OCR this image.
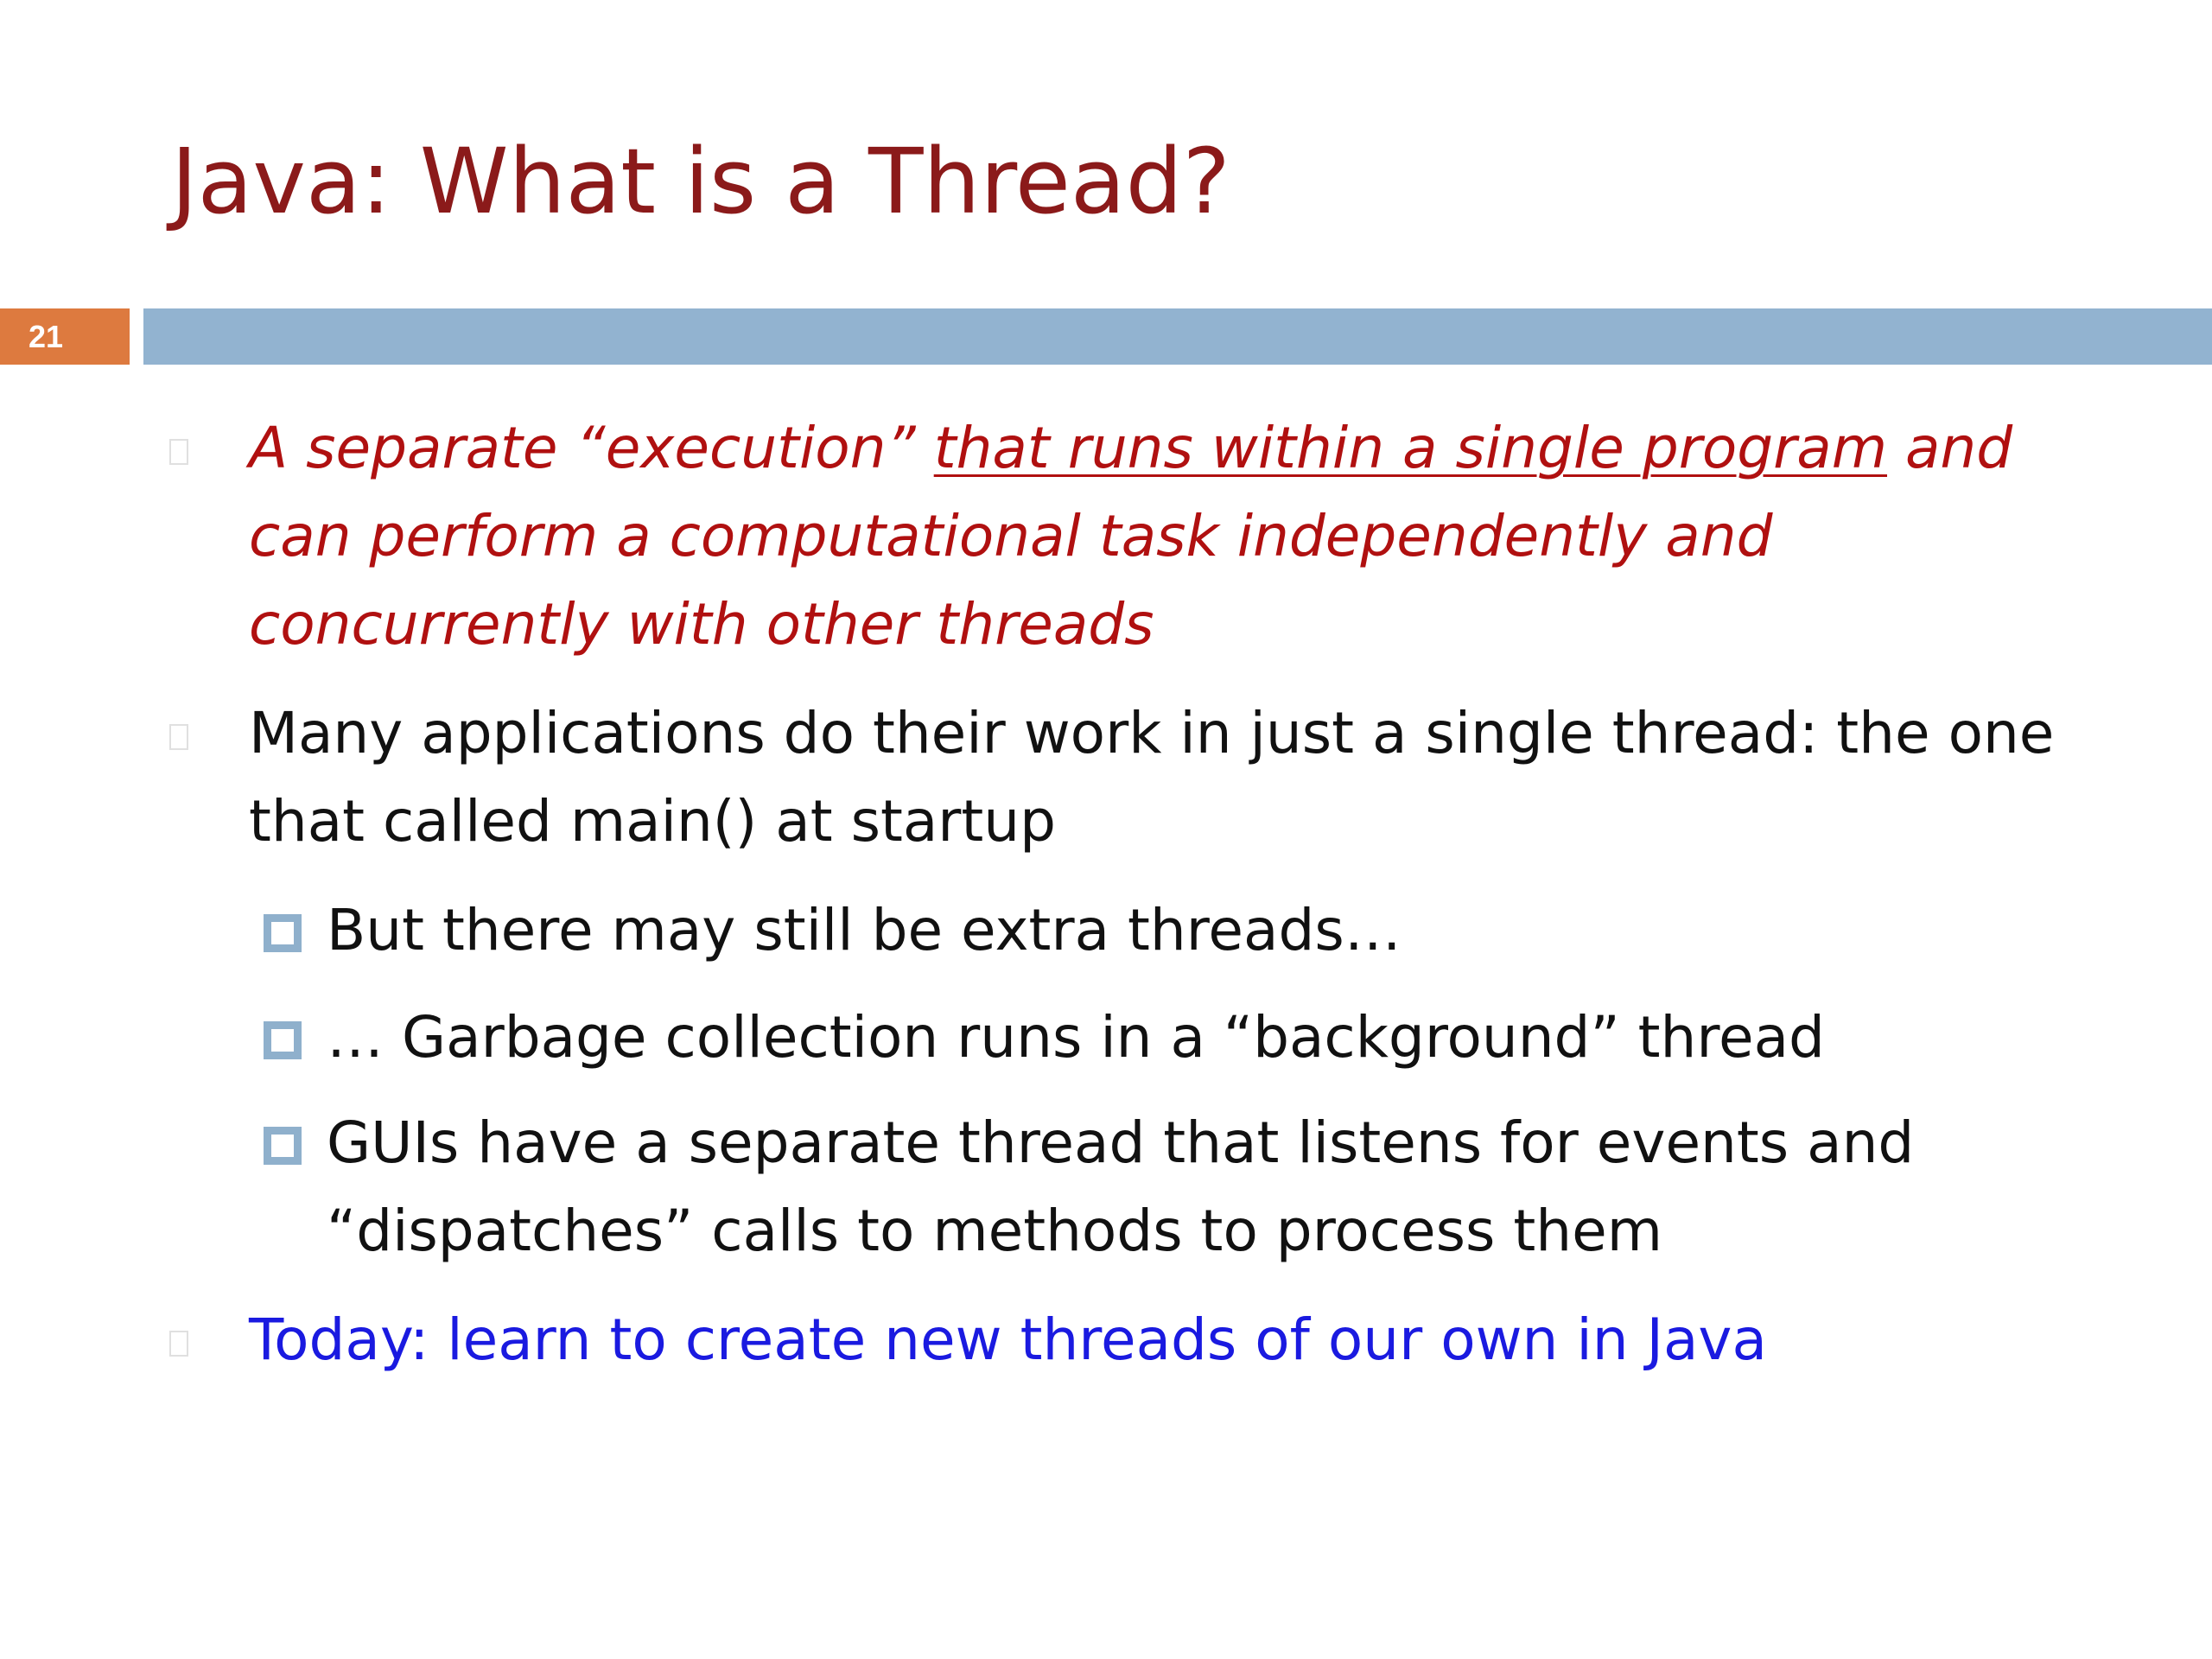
Java: What is a Thread?
21
A separate “execution” that runs within a single program and
can perform a computational task independently and
concurrently with other threads
Many applications do their work in just a single thread: the one
that called main() at startup
But there may still be extra threads…
… Garbage collection runs in a “background” thread
GUIs have a separate thread that listens for events and
“dispatches” calls to methods to process them
Today: learn to create new threads of our own in Java
